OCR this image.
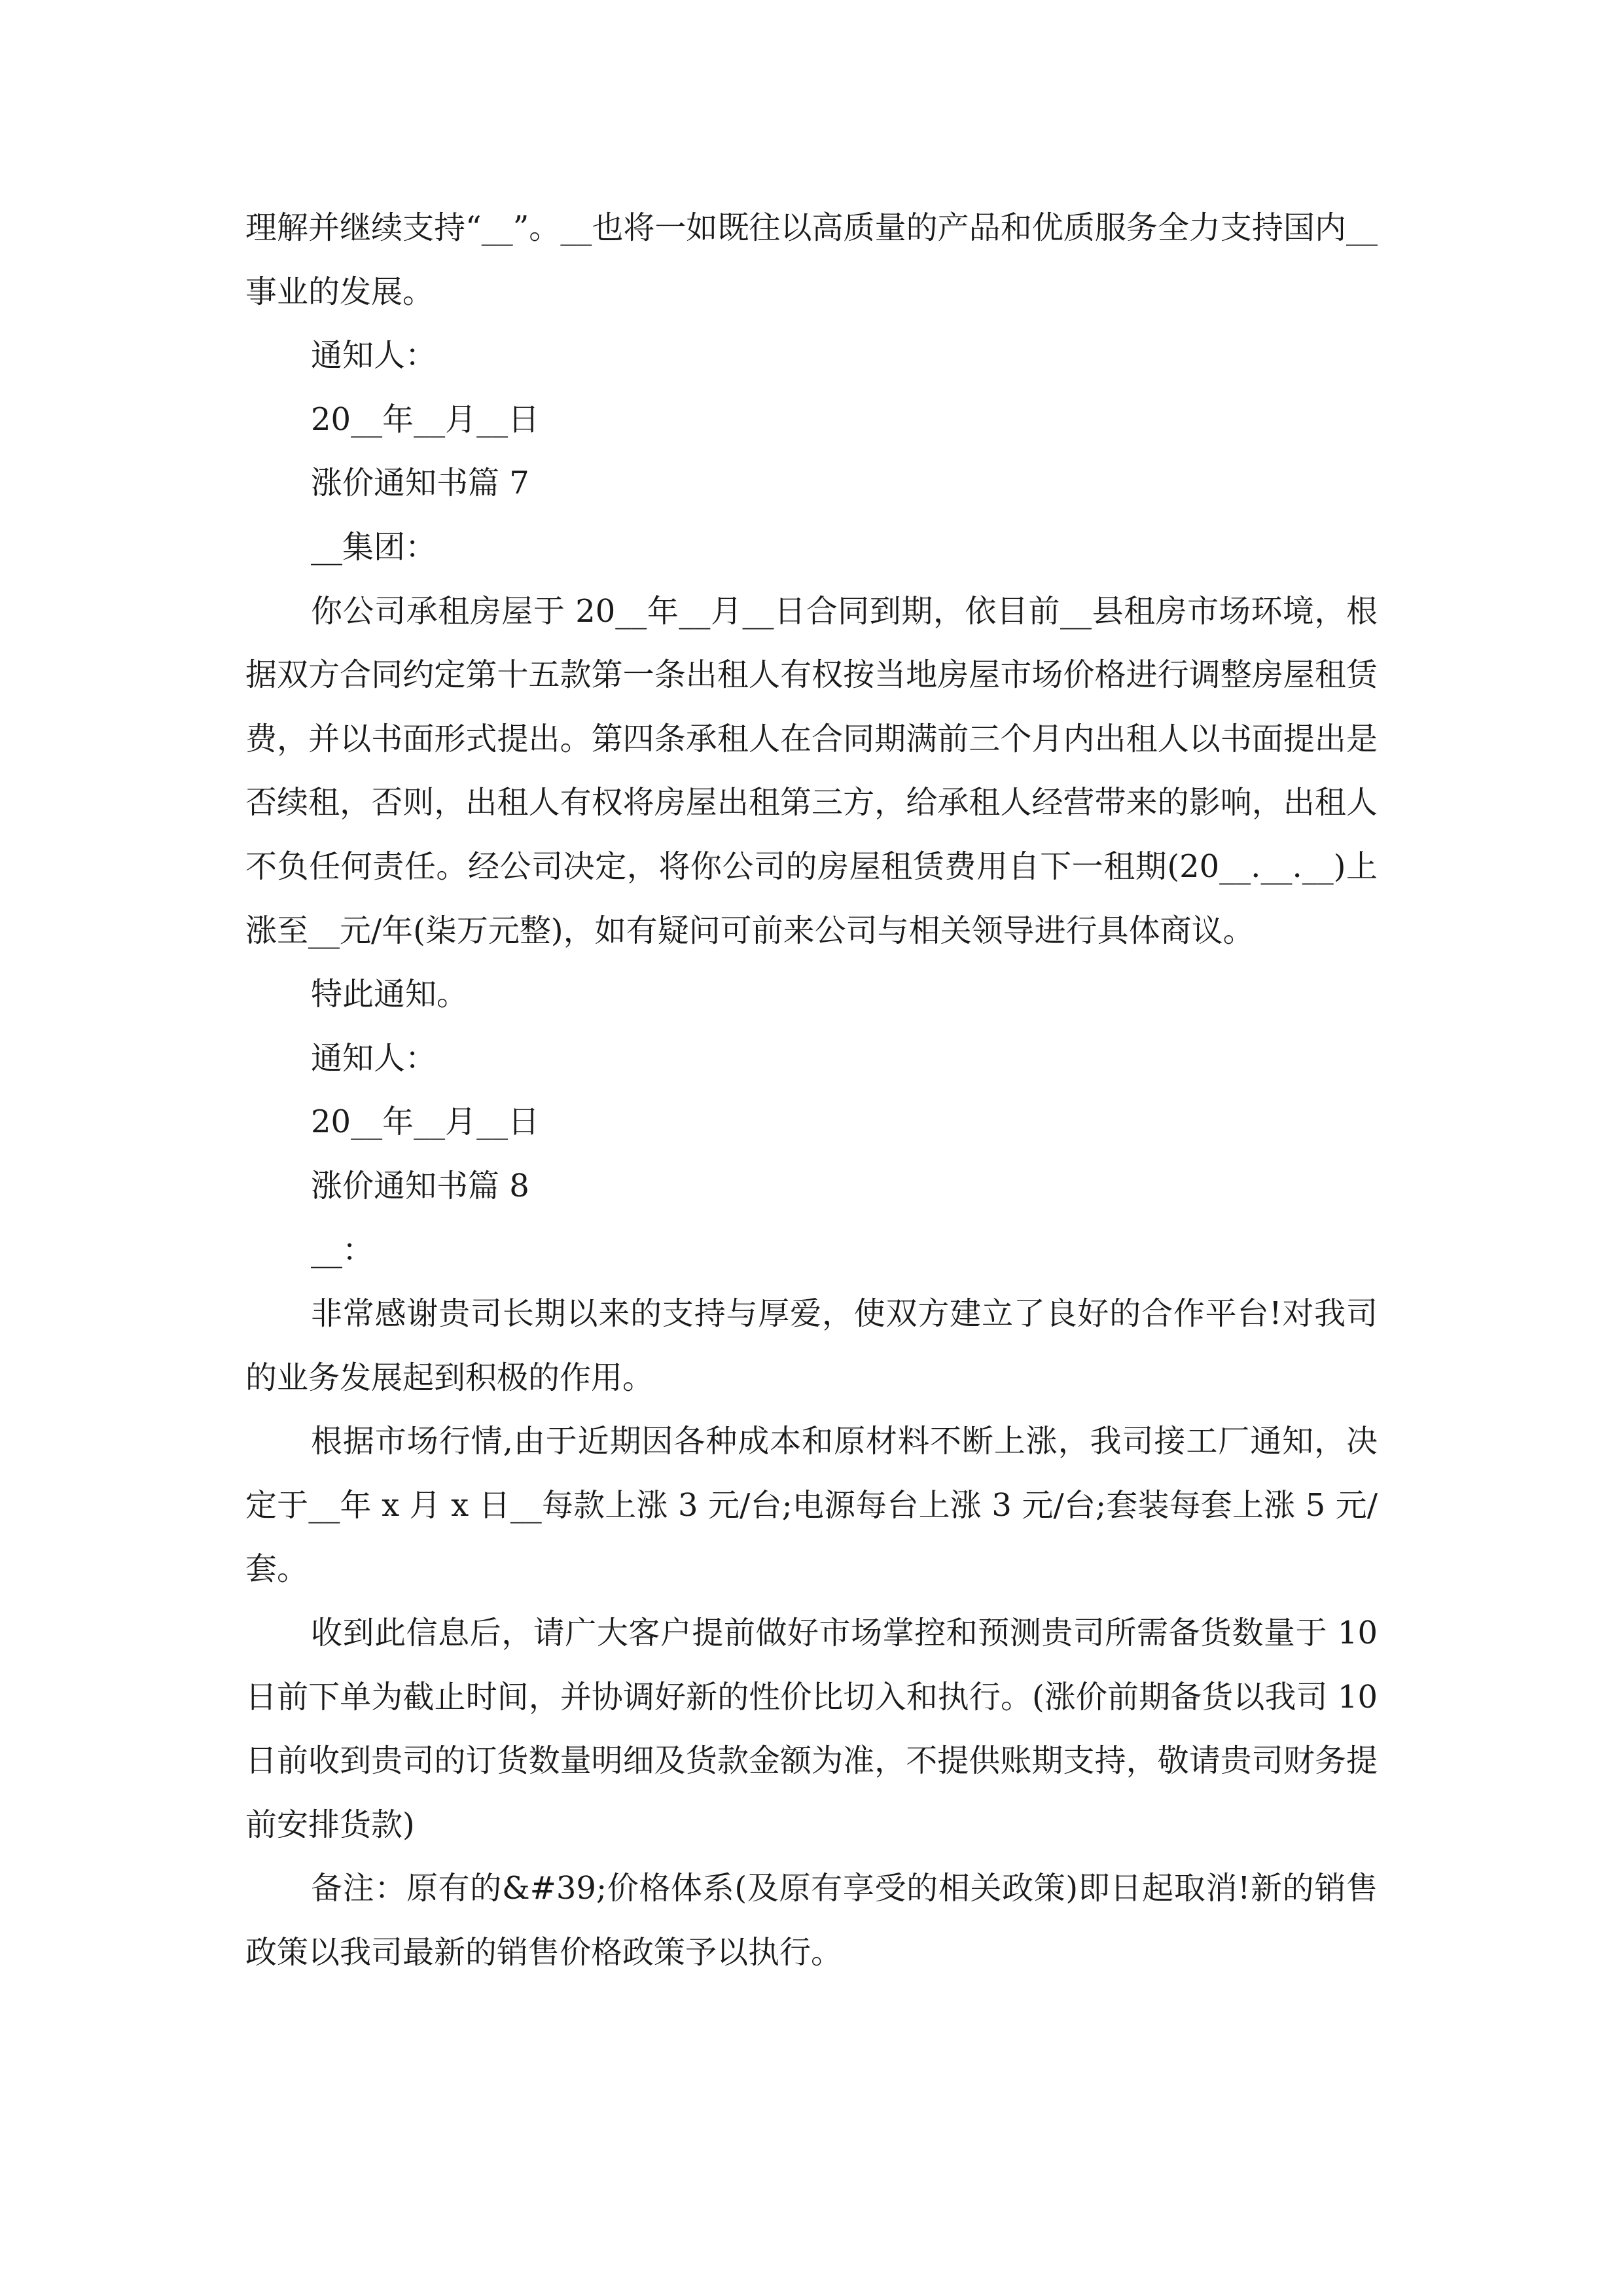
理解并继续支持“__”。__也将一如既往以高质量的产品和优质服务全力支持国内__事业的发展。

通知人：

20__年__月__日

涨价通知书篇 7

__集团：

你公司承租房屋于 20__年__月__日合同到期，依目前__县租房市场环境，根据双方合同约定第十五款第一条出租人有权按当地房屋市场价格进行调整房屋租赁费，并以书面形式提出。第四条承租人在合同期满前三个月内出租人以书面提出是否续租，否则，出租人有权将房屋出租第三方，给承租人经营带来的影响，出租人不负任何责任。经公司决定，将你公司的房屋租赁费用自下一租期(20__.__.__)上涨至__元/年(柒万元整)，如有疑问可前来公司与相关领导进行具体商议。

特此通知。

通知人：

20__年__月__日

涨价通知书篇 8

__：

非常感谢贵司长期以来的支持与厚爱，使双方建立了良好的合作平台!对我司的业务发展起到积极的作用。

根据市场行情,由于近期因各种成本和原材料不断上涨，我司接工厂通知，决定于__年 x 月 x 日__每款上涨 3 元/台;电源每台上涨 3 元/台;套装每套上涨 5 元/套。

收到此信息后，请广大客户提前做好市场掌控和预测贵司所需备货数量于 10 日前下单为截止时间，并协调好新的性价比切入和执行。(涨价前期备货以我司 10 日前收到贵司的订货数量明细及货款金额为准，不提供账期支持，敬请贵司财务提前安排货款)

备注：原有的&#39;价格体系(及原有享受的相关政策)即日起取消!新的销售政策以我司最新的销售价格政策予以执行。
